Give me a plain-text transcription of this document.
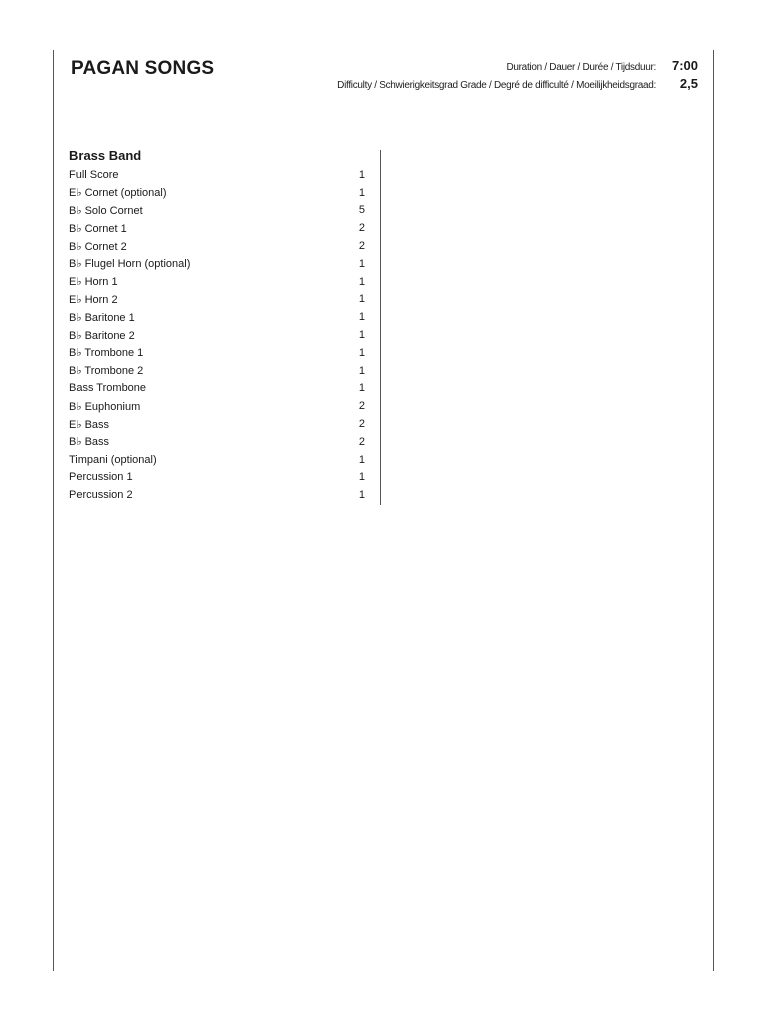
PAGAN SONGS	Duration / Dauer / Durée / Tijdsduur:	7:00
Difficulty / Schwierigkeitsgrad Grade / Degré de difficulté / Moeilijkheidsgraad:	2,5
Brass Band
Full Score	1
E♭ Cornet (optional)	1
B♭ Solo Cornet	5
B♭ Cornet 1	2
B♭ Cornet 2	2
B♭ Flugel Horn (optional)	1
E♭ Horn 1	1
E♭ Horn 2	1
B♭ Baritone 1	1
B♭ Baritone 2	1
B♭ Trombone 1	1
B♭ Trombone 2	1
Bass Trombone	1
B♭ Euphonium	2
E♭ Bass	2
B♭ Bass	2
Timpani (optional)	1
Percussion 1	1
Percussion 2	1
